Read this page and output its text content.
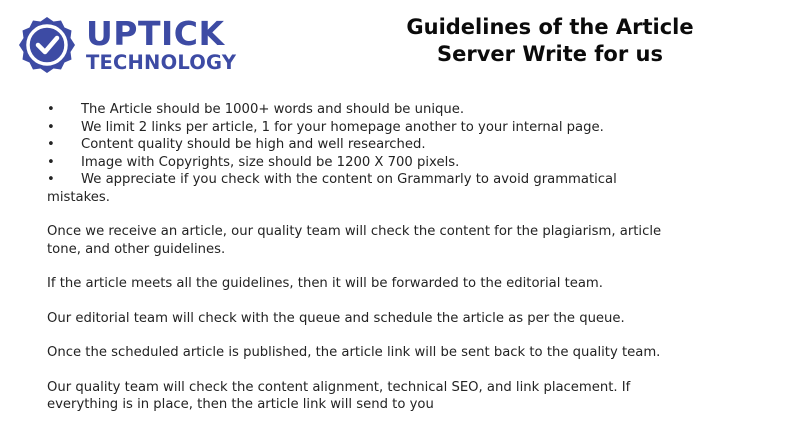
UPTICK
TECHNOLOGY
Guidelines of the Article
Server Write for us
• The Article should be 1000+ words and should be unique.
• We limit 2 links per article, 1 for your homepage another to your internal page.
• Content quality should be high and well researched.
• Image with Copyrights, size should be 1200 X 700 pixels.
• We appreciate if you check with the content on Grammarly to avoid grammatical mistakes.

Once we receive an article, our quality team will check the content for the plagiarism, article tone, and other guidelines.

If the article meets all the guidelines, then it will be forwarded to the editorial team.

Our editorial team will check with the queue and schedule the article as per the queue.

Once the scheduled article is published, the article link will be sent back to the quality team.

Our quality team will check the content alignment, technical SEO, and link placement. If everything is in place, then the article link will send to you
